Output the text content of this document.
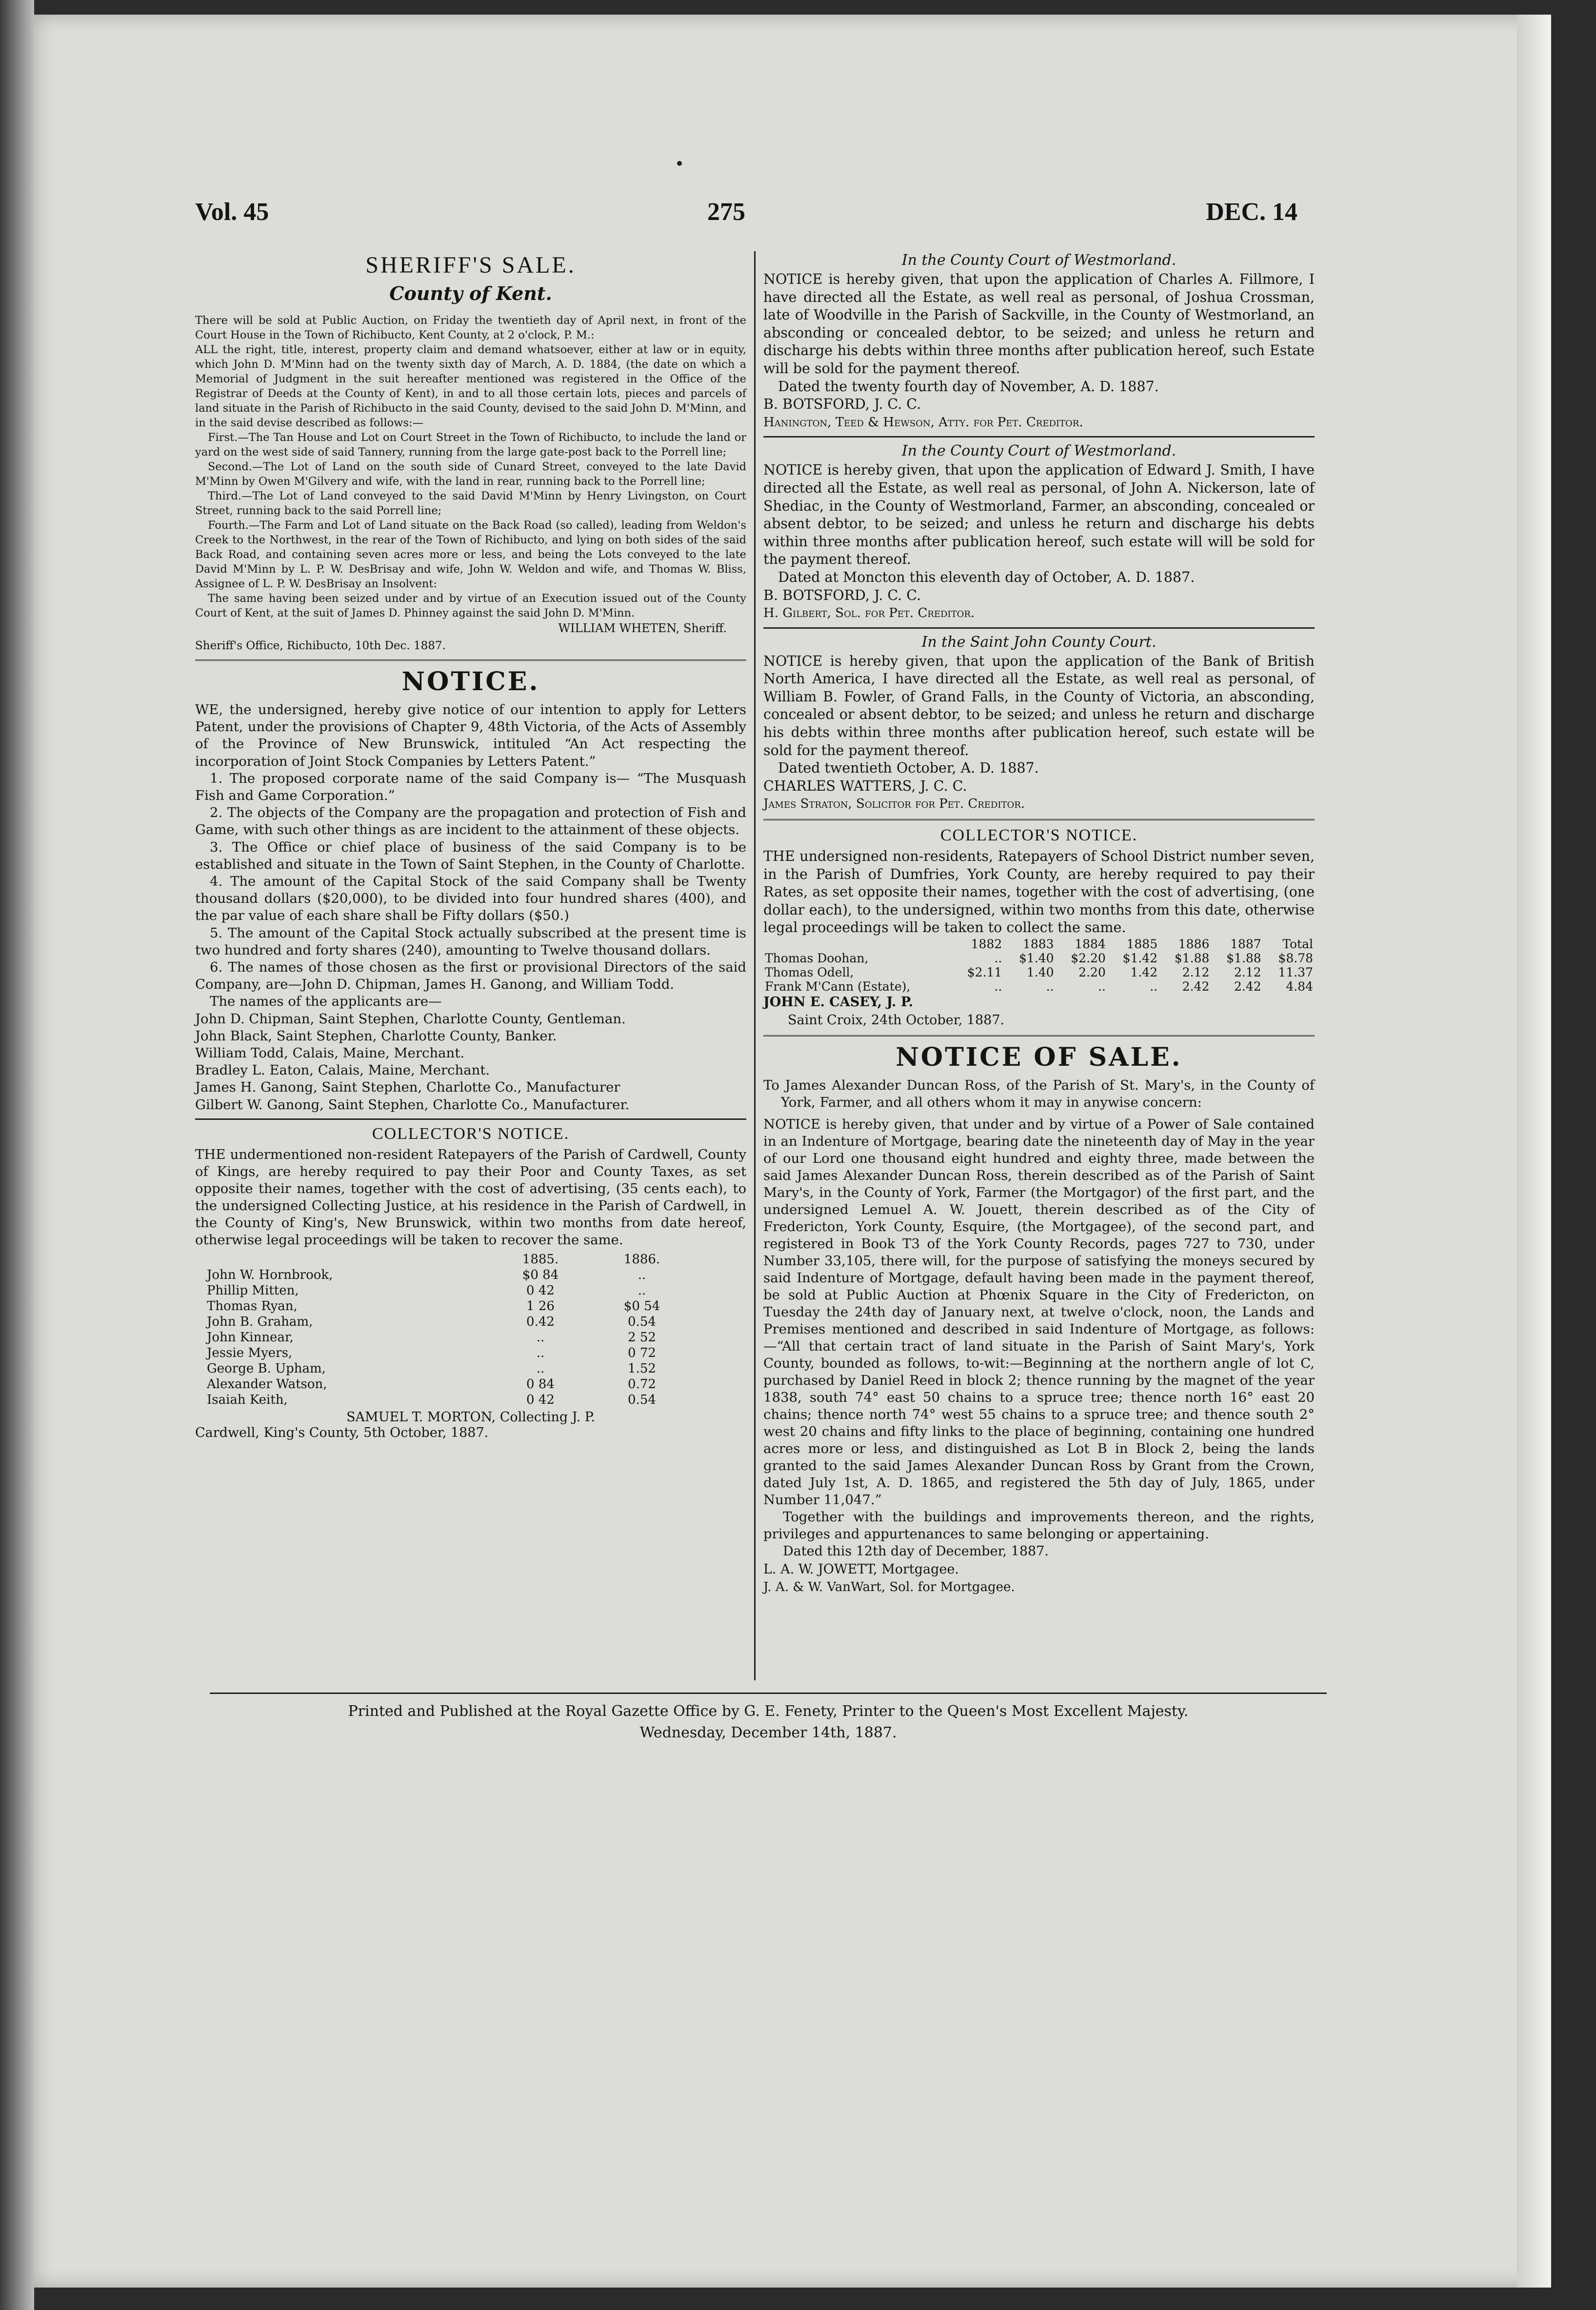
Vol. 45	275	DEC. 14

SHERIFF'S SALE.

County of Kent.

There will be sold at Public Auction, on Friday the twentieth day of April next, in front of the Court House in the Town of Richibucto, Kent County, at 2 o'clock, P. M.:

ALL the right, title, interest, property claim and demand whatsoever, either at law or in equity, which John D. M'Minn had on the twenty sixth day of March, A. D. 1884, (the date on which a Memorial of Judgment in the suit hereafter mentioned was registered in the Office of the Registrar of Deeds at the County of Kent), in and to all those certain lots, pieces and parcels of land situate in the Parish of Richibucto in the said County, devised to the said John D. M'Minn, and in the said devise described as follows:—

First.—The Tan House and Lot on Court Street in the Town of Richibucto, to include the land or yard on the west side of said Tannery, running from the large gate-post back to the Porrell line;

Second.—The Lot of Land on the south side of Cunard Street, conveyed to the late David M'Minn by Owen M'Gilvery and wife, with the land in rear, running back to the Porrell line;

Third.—The Lot of Land conveyed to the said David M'Minn by Henry Livingston, on Court Street, running back to the said Porrell line;

Fourth.—The Farm and Lot of Land situate on the Back Road (so called), leading from Weldon's Creek to the Northwest, in the rear of the Town of Richibucto, and lying on both sides of the said Back Road, and containing seven acres more or less, and being the Lots conveyed to the late David M'Minn by L. P. W. DesBrisay and wife, John W. Weldon and wife, and Thomas W. Bliss, Assignee of L. P. W. DesBrisay an Insolvent:

The same having been seized under and by virtue of an Execution issued out of the County Court of Kent, at the suit of James D. Phinney against the said John D. M'Minn.

WILLIAM WHETEN, Sheriff.

Sheriff's Office, Richibucto, 10th Dec. 1887.

NOTICE.

WE, the undersigned, hereby give notice of our intention to apply for Letters Patent, under the provisions of Chapter 9, 48th Victoria, of the Acts of Assembly of the Province of New Brunswick, intituled “An Act respecting the incorporation of Joint Stock Companies by Letters Patent.”

1. The proposed corporate name of the said Company is— “The Musquash Fish and Game Corporation.”

2. The objects of the Company are the propagation and protection of Fish and Game, with such other things as are incident to the attainment of these objects.

3. The Office or chief place of business of the said Company is to be established and situate in the Town of Saint Stephen, in the County of Charlotte.

4. The amount of the Capital Stock of the said Company shall be Twenty thousand dollars ($20,000), to be divided into four hundred shares (400), and the par value of each share shall be Fifty dollars ($50.)

5. The amount of the Capital Stock actually subscribed at the present time is two hundred and forty shares (240), amounting to Twelve thousand dollars.

6. The names of those chosen as the first or provisional Directors of the said Company, are—John D. Chipman, James H. Ganong, and William Todd.

The names of the applicants are—

John D. Chipman, Saint Stephen, Charlotte County, Gentleman.

John Black, Saint Stephen, Charlotte County, Banker.

William Todd, Calais, Maine, Merchant.

Bradley L. Eaton, Calais, Maine, Merchant.

James H. Ganong, Saint Stephen, Charlotte Co., Manufacturer

Gilbert W. Ganong, Saint Stephen, Charlotte Co., Manufacturer.

COLLECTOR'S NOTICE.

THE undermentioned non-resident Ratepayers of the Parish of Cardwell, County of Kings, are hereby required to pay their Poor and County Taxes, as set opposite their names, together with the cost of advertising, (35 cents each), to the undersigned Collecting Justice, at his residence in the Parish of Cardwell, in the County of King's, New Brunswick, within two months from date hereof, otherwise legal proceedings will be taken to recover the same.

	1885.	1886.
John W. Hornbrook,	$0 84	..
Phillip Mitten,	0 42	..
Thomas Ryan,	1 26	$0 54
John B. Graham,	0.42	0.54
John Kinnear,	..	2 52
Jessie Myers,	..	0 72
George B. Upham,	..	1.52
Alexander Watson,	0 84	0.72
Isaiah Keith,	0 42	0.54

SAMUEL T. MORTON, Collecting J. P.

Cardwell, King's County, 5th October, 1887.

In the County Court of Westmorland.

NOTICE is hereby given, that upon the application of Charles A. Fillmore, I have directed all the Estate, as well real as personal, of Joshua Crossman, late of Woodville in the Parish of Sackville, in the County of Westmorland, an absconding or concealed debtor, to be seized; and unless he return and discharge his debts within three months after publication hereof, such Estate will be sold for the payment thereof.

Dated the twenty fourth day of November, A. D. 1887.

B. BOTSFORD, J. C. C.

Hanington, Teed & Hewson, Atty. for Pet. Creditor.

In the County Court of Westmorland.

NOTICE is hereby given, that upon the application of Edward J. Smith, I have directed all the Estate, as well real as personal, of John A. Nickerson, late of Shediac, in the County of Westmorland, Farmer, an absconding, concealed or absent debtor, to be seized; and unless he return and discharge his debts within three months after publication hereof, such estate will will be sold for the payment thereof.

Dated at Moncton this eleventh day of October, A. D. 1887.

B. BOTSFORD, J. C. C.

H. Gilbert, Sol. for Pet. Creditor.

In the Saint John County Court.

NOTICE is hereby given, that upon the application of the Bank of British North America, I have directed all the Estate, as well real as personal, of William B. Fowler, of Grand Falls, in the County of Victoria, an absconding, concealed or absent debtor, to be seized; and unless he return and discharge his debts within three months after publication hereof, such estate will be sold for the payment thereof.

Dated twentieth October, A. D. 1887.

CHARLES WATTERS, J. C. C.

James Straton, Solicitor for Pet. Creditor.

COLLECTOR'S NOTICE.

THE undersigned non-residents, Ratepayers of School District number seven, in the Parish of Dumfries, York County, are hereby required to pay their Rates, as set opposite their names, together with the cost of advertising, (one dollar each), to the undersigned, within two months from this date, otherwise legal proceedings will be taken to collect the same.

	1882	1883	1884	1885	1886	1887	Total
Thomas Doohan,	..	$1.40	$2.20	$1.42	$1.88	$1.88	$8.78
Thomas Odell,	$2.11	1.40	2.20	1.42	2.12	2.12	11.37
Frank M'Cann (Estate),	..	..	..	..	2.42	2.42	4.84

JOHN E. CASEY, J. P.

Saint Croix, 24th October, 1887.

NOTICE OF SALE.

To James Alexander Duncan Ross, of the Parish of St. Mary's, in the County of York, Farmer, and all others whom it may in anywise concern:

NOTICE is hereby given, that under and by virtue of a Power of Sale contained in an Indenture of Mortgage, bearing date the nineteenth day of May in the year of our Lord one thousand eight hundred and eighty three, made between the said James Alexander Duncan Ross, therein described as of the Parish of Saint Mary's, in the County of York, Farmer (the Mortgagor) of the first part, and the undersigned Lemuel A. W. Jouett, therein described as of the City of Fredericton, York County, Esquire, (the Mortgagee), of the second part, and registered in Book T3 of the York County Records, pages 727 to 730, under Number 33,105, there will, for the purpose of satisfying the moneys secured by said Indenture of Mortgage, default having been made in the payment thereof, be sold at Public Auction at Phœnix Square in the City of Fredericton, on Tuesday the 24th day of January next, at twelve o'clock, noon, the Lands and Premises mentioned and described in said Indenture of Mortgage, as follows:—“All that certain tract of land situate in the Parish of Saint Mary's, York County, bounded as follows, to-wit:—Beginning at the northern angle of lot C, purchased by Daniel Reed in block 2; thence running by the magnet of the year 1838, south 74° east 50 chains to a spruce tree; thence north 16° east 20 chains; thence north 74° west 55 chains to a spruce tree; and thence south 2° west 20 chains and fifty links to the place of beginning, containing one hundred acres more or less, and distinguished as Lot B in Block 2, being the lands granted to the said James Alexander Duncan Ross by Grant from the Crown, dated July 1st, A. D. 1865, and registered the 5th day of July, 1865, under Number 11,047.”

Together with the buildings and improvements thereon, and the rights, privileges and appurtenances to same belonging or appertaining.

Dated this 12th day of December, 1887.

L. A. W. JOWETT, Mortgagee.

J. A. & W. VanWart, Sol. for Mortgagee.

Printed and Published at the Royal Gazette Office by G. E. Fenety, Printer to the Queen's Most Excellent Majesty.

Wednesday, December 14th, 1887.
